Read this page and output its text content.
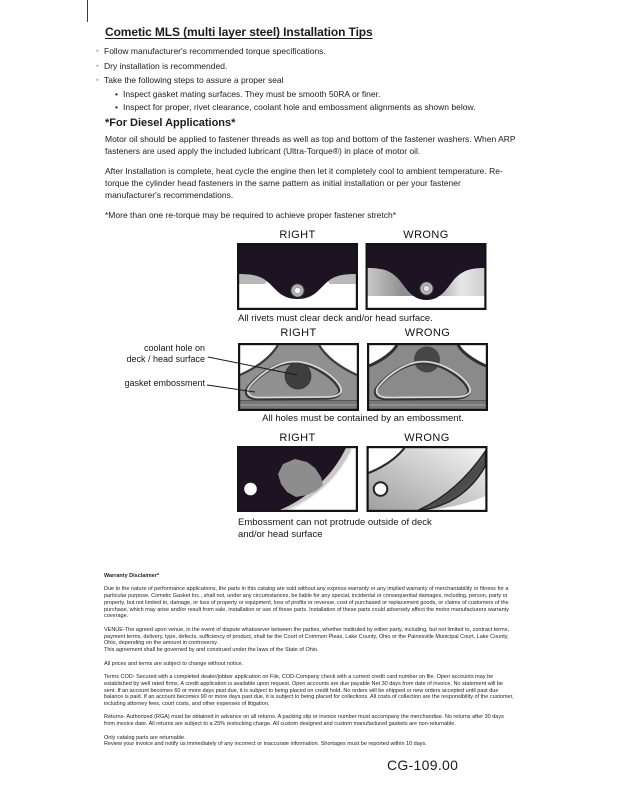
Cometic MLS (multi layer steel) Installation Tips
◦ Follow manufacturer's recommended torque specifications.
◦ Dry installation is recommended.
◦ Take the following steps to assure a proper seal
• Inspect gasket mating surfaces. They must be smooth 50RA or finer.
• Inspect for proper, rivet clearance, coolant hole and embossment alignments as shown below.
*For Diesel Applications*

Motor oil should be applied to fastener threads as well as top and bottom of the fastener washers. When ARP fasteners are used apply the included lubricant (Ultra-Torque®) in place of motor oil.

After Installation is complete, heat cycle the engine then let it completely cool to ambient temperature. Re-torque the cylinder head fasteners in the same pattern as initial installation or per your fastener manufacturer's recommendations.

*More than one re-torque may be required to achieve proper fastener stretch*

RIGHT	WRONG
All rivets must clear deck and/or head surface.
RIGHT	WRONG
coolant hole on
deck / head surface
gasket embossment
All holes must be contained by an embossment.
RIGHT	WRONG
Embossment can not protrude outside of deck
and/or head surface
Warranty Disclaimer*
Due to the nature of performance applications, the parts in this catalog are sold without any express warranty or any implied warranty of merchantability or fitness for a particular purpose. Cometic Gasket Inc., shall not, under any circumstances, be liable for any special, incidental or consequential damages, including, person, party or property, but not limited to, damage, or loss of property or equipment, loss of profits or revenue, cost of purchased or replacement goods, or claims of customers of the purchase, which may arise and/or result from sale, installation or use of these parts. Installation of these parts could adversely affect the motor manufacturers warranty coverage.
VENUE-The agreed upon venue, in the event of dispute whatsoever between the parties, whether instituted by either party, including, but not limited to, contract terms, payment terms, delivery, type, defects, sufficiency of product, shall be the Court of Common Pleas, Lake County, Ohio or the Painesville Municipal Court, Lake County, Ohio, depending on the amount in controversy.
This agreement shall be governed by and construed under the laws of the State of Ohio.
All prices and terms are subject to change without notice.
Terms COD- Secured with a completed dealer/jobber application on File, COD-Company check with a current credit card number on file. Open accounts may be established by well rated firms. A credit application is available upon request. Open accounts are due payable Net 30 days from date of invoice. No statement will be sent. If an account becomes 60 or more days past due, it is subject to being placed on credit hold. No orders will be shipped or new orders accepted until past due balance is paid. If an account becomes 90 or more days past due, it is subject to being placed for collections. All costs of collection are the responsibility of the customer, including attorney fees, court costs, and other expenses of litigation.
Returns- Authorized (RGA) must be obtained in advance on all returns. A packing slip or invoice number must accompany the merchandise. No returns after 30 days from invoice date. All returns are subject to a 25% restocking charge. All custom designed and custom manufactured gaskets are non-returnable.
Only catalog parts are returnable.
Review your invoice and notify us immediately of any incorrect or inaccurate information. Shortages must be reported within 10 days.
CG-109.00
